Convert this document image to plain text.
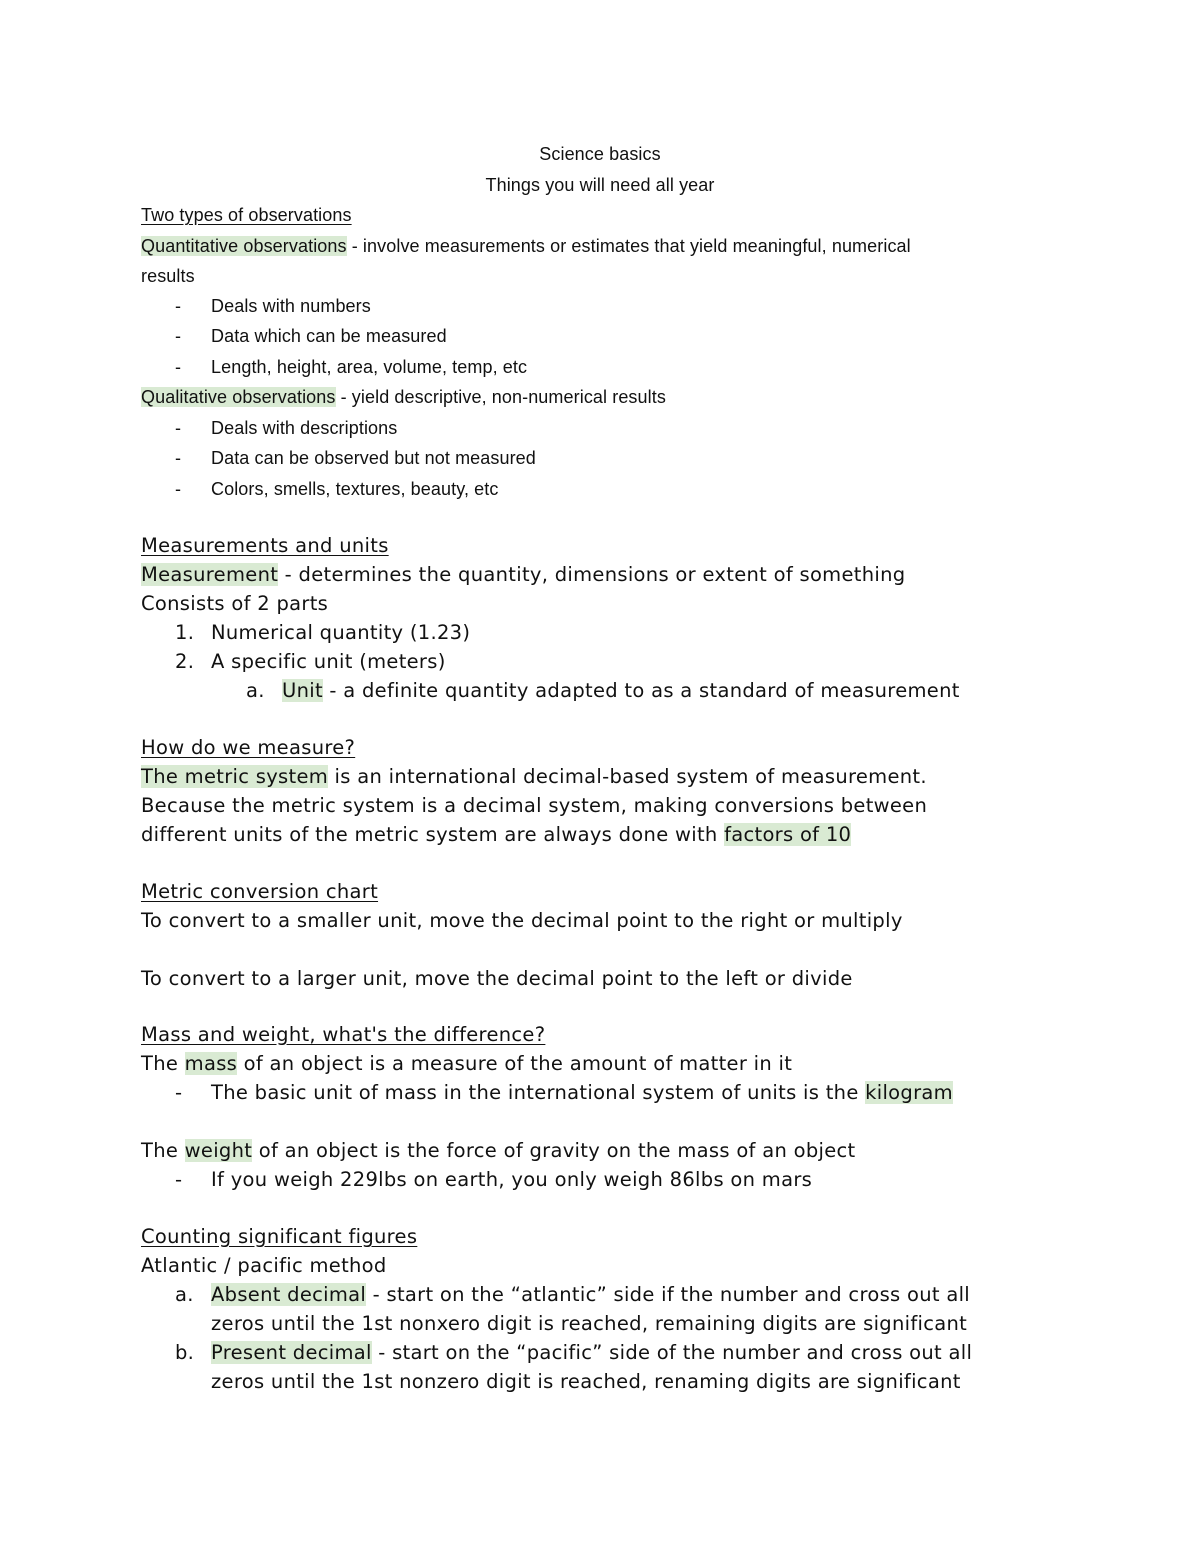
Science basics
Things you will need all year
Two types of observations
Quantitative observations - involve measurements or estimates that yield meaningful, numerical
results
- Deals with numbers
- Data which can be measured
- Length, height, area, volume, temp, etc
Qualitative observations - yield descriptive, non-numerical results
- Deals with descriptions
- Data can be observed but not measured
- Colors, smells, textures, beauty, etc
Measurements and units
Measurement - determines the quantity, dimensions or extent of something
Consists of 2 parts
1. Numerical quantity (1.23)
2. A specific unit (meters)
a. Unit - a definite quantity adapted to as a standard of measurement
How do we measure?
The metric system is an international decimal-based system of measurement.
Because the metric system is a decimal system, making conversions between
different units of the metric system are always done with factors of 10
Metric conversion chart
To convert to a smaller unit, move the decimal point to the right or multiply
To convert to a larger unit, move the decimal point to the left or divide
Mass and weight, what's the difference?
The mass of an object is a measure of the amount of matter in it
- The basic unit of mass in the international system of units is the kilogram
The weight of an object is the force of gravity on the mass of an object
- If you weigh 229lbs on earth, you only weigh 86lbs on mars
Counting significant figures
Atlantic / pacific method
a. Absent decimal - start on the “atlantic” side if the number and cross out all
zeros until the 1st nonxero digit is reached, remaining digits are significant
b. Present decimal - start on the “pacific” side of the number and cross out all
zeros until the 1st nonzero digit is reached, renaming digits are significant
